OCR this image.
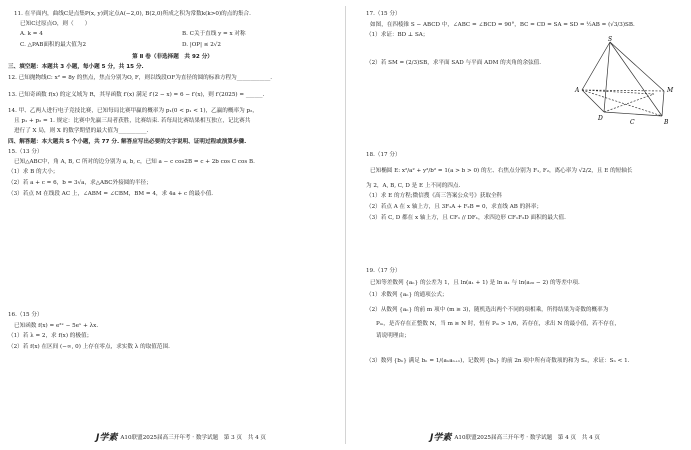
11. 在平面内，曲线C是点集P(x, y)到定点A(−2,0), B(2,0)所成之积为常数k(k>0)的点的集合.
已知C过原点O，则（　　）
A. k = 4	B. C关于直线 y = x 对称
C. △PAB面积的最大值为2	D. |OP| ≤ 2√2
第 Ⅱ 卷（非选择题　共 92 分）
三、填空题：本题共 3 小题，每小题 5 分，共 15 分.
12. 已知抛物线C: x² = 8y 的焦点，焦点分别为O, F，则以线段OF为直径的圆的标准方程为____________.
13. 已知奇函数 f(x) 的定义域为 R，其导函数 f′(x) 满足 f′(2 − x) = 6 − f′(x)，则 f′(2025) = ______.
14. 甲、乙两人进行电子竞技比赛，已知每局比赛甲赢的概率为 p₁(0 < p₁ < 1)，乙赢的概率为 p₂，
且 p₁ + p₂ = 1. 规定：比赛中先赢三局者获胜，比赛结束. 若每局比赛结果相互独立，记比赛共
进行了 X 局，则 X 的数学期望的最大值为__________.
四、解答题：本大题共 5 个小题，共 77 分. 解答应写出必要的文字说明、证明过程或演算步骤.
15.（13 分）
已知△ABC中，角 A, B, C 所对的边分别为 a, b, c，已知 a − c cos2B = c + 2b cos C cos B.
（1）求 B 的大小；
（2）若 a + c = 6，b = 3√a，求△ABC外接圆的半径；
（3）若点 M 在线段 AC 上，∠ABM = ∠CBM，BM = 4，求 4a + c 的最小值.
16.（15 分）
已知函数 f(x) = e²ˣ − 5eˣ + λx.
（1）若 λ = 2，求 f(x) 的极值；
（2）若 f(x) 在区间 (−∞, 0) 上存在零点，求实数 λ 的取值范围.
J学素 A10联盟2025届高三开年考 · 数学试题　第 3 页　共 4 页
17.（15 分）
如图，在四棱锥 S − ABCD 中，∠ABC = ∠BCD = 90°，BC = CD = SA = SD = ½AB = (√3/3)SB.
（1）求证：BD ⊥ SA；
（2）若 SM = (2/3)SB，求平面 SAD 与平面 ADM 的夹角的余弦值.
S
M
A
B
D
C
18.（17 分）
已知椭圆 E: x²/a² + y²/b² = 1(a > b > 0) 的左、右焦点分别为 F₁, F₂，离心率为 √2/2，且 E 的短轴长
为 2，A, B, C, D 是 E 上不同的四点.
（1）求 E 的方程;微信搜《高三答案公众号》获取全科
（2）若点 A 在 x 轴上方，且 3F₁A + F₂B = 0，求直线 AB 的斜率；
（3）若 C, D 都在 x 轴上方，且 CF₁ // DF₁，求四边形 CF₁F₂D 面积的最大值.
19.（17 分）
已知等差数列 {aₙ} 的公差为 1，且 ln(a₁ + 1) 是 ln a₁ 与 ln(a₂₀ − 2) 的等差中项.
（1）求数列 {aₙ} 的通项公式；
（2）从数列 {aₙ} 的前 m 项中 (m ≥ 3)，随机选出两个不同的项相乘，所得结果为奇数的概率为
Pₘ，是否存在正整数 N，当 m ≥ N 时，恒有 Pₘ > 1/6，若存在，求出 N 的最小值，若不存在，
请说明理由；
（3）数列 {bₙ} 满足 bₙ = 1/(aₙaₙ₊₁)，记数列 {bₙ} 的前 2n 项中所有奇数项的和为 Sₙ，求证：Sₙ < 1.
J学素 A10联盟2025届高三开年考 · 数学试题　第 4 页　共 4 页
